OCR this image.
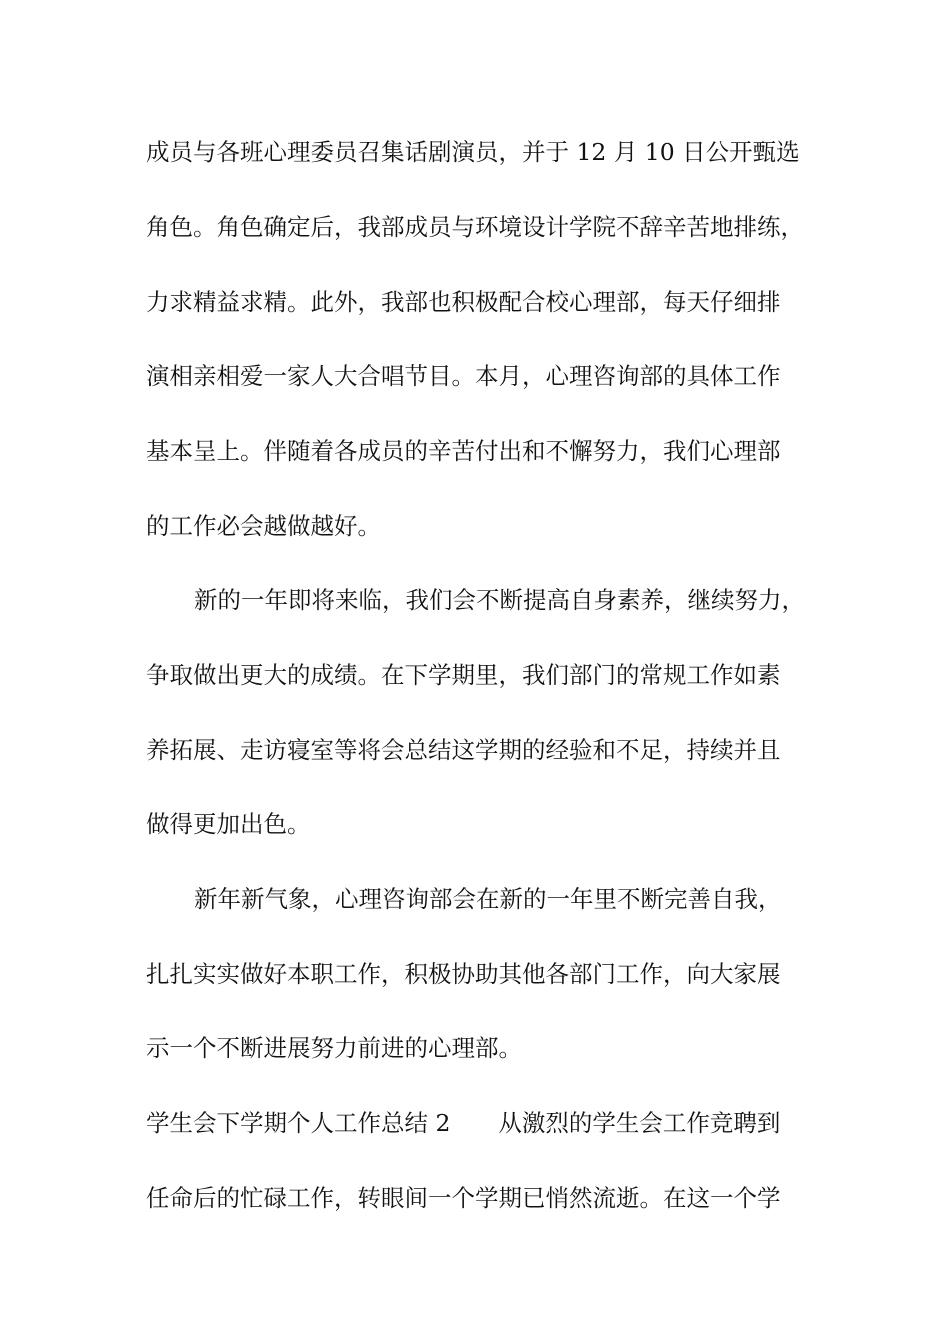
成员与各班心理委员召集话剧演员，并于 12 月 10 日公开甄选
角色。角色确定后，我部成员与环境设计学院不辞辛苦地排练，
力求精益求精。此外，我部也积极配合校心理部，每天仔细排
演相亲相爱一家人大合唱节目。本月，心理咨询部的具体工作
基本呈上。伴随着各成员的辛苦付出和不懈努力，我们心理部
的工作必会越做越好。
新的一年即将来临，我们会不断提高自身素养，继续努力，
争取做出更大的成绩。在下学期里，我们部门的常规工作如素
养拓展、走访寝室等将会总结这学期的经验和不足，持续并且
做得更加出色。
新年新气象，心理咨询部会在新的一年里不断完善自我，
扎扎实实做好本职工作，积极协助其他各部门工作，向大家展
示一个不断进展努力前进的心理部。
学生会下学期个人工作总结 2 从激烈的学生会工作竞聘到
任命后的忙碌工作，转眼间一个学期已悄然流逝。在这一个学
